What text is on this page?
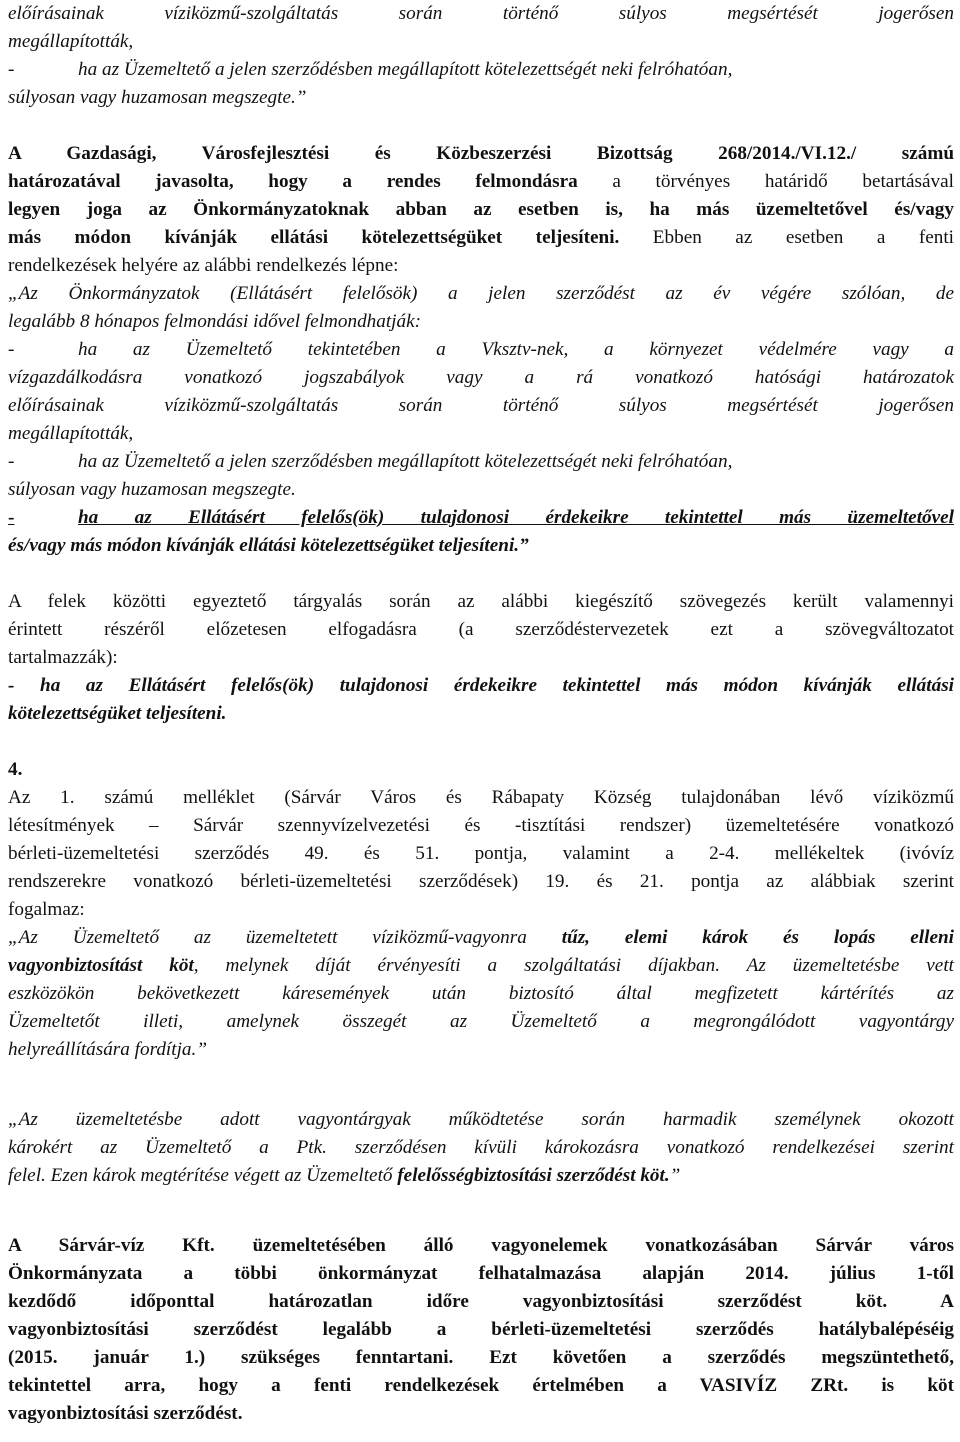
előírásainak víziközmű-szolgáltatás során történő súlyos megsértését jogerősen
megállapították,
-	ha az Üzemeltető a jelen szerződésben megállapított kötelezettségét neki felróhatóan,
súlyosan vagy huzamosan megszegte.”
A Gazdasági, Városfejlesztési és Közbeszerzési Bizottság 268/2014./VI.12./ számú
határozatával javasolta, hogy a rendes felmondásra a törvényes határidő betartásával
legyen joga az Önkormányzatoknak abban az esetben is, ha más üzemeltetővel és/vagy
más módon kívánják ellátási kötelezettségüket teljesíteni. Ebben az esetben a fenti
rendelkezések helyére az alábbi rendelkezés lépne:
„Az Önkormányzatok (Ellátásért felelősök) a jelen szerződést az év végére szólóan, de
legalább 8 hónapos felmondási idővel felmondhatják:
-	ha az Üzemeltető tekintetében a Vksztv-nek, a környezet védelmére vagy a
vízgazdálkodásra vonatkozó jogszabályok vagy a rá vonatkozó hatósági határozatok
előírásainak víziközmű-szolgáltatás során történő súlyos megsértését jogerősen
megállapították,
-	ha az Üzemeltető a jelen szerződésben megállapított kötelezettségét neki felróhatóan,
súlyosan vagy huzamosan megszegte.
-	ha az Ellátásért felelős(ök) tulajdonosi érdekeikre tekintettel más üzemeltetővel
és/vagy más módon kívánják ellátási kötelezettségüket teljesíteni.”
A felek közötti egyeztető tárgyalás során az alábbi kiegészítő szövegezés került valamennyi
érintett részéről előzetesen elfogadásra (a szerződéstervezetek ezt a szövegváltozatot
tartalmazzák):
- ha az Ellátásért felelős(ök) tulajdonosi érdekeikre tekintettel más módon kívánják ellátási
kötelezettségüket teljesíteni.
4.
Az 1. számú melléklet (Sárvár Város és Rábapaty Község tulajdonában lévő víziközmű
létesítmények – Sárvár szennyvízelvezetési és -tisztítási rendszer) üzemeltetésére vonatkozó
bérleti-üzemeltetési szerződés 49. és 51. pontja, valamint a 2-4. mellékeltek (ivóvíz
rendszerekre vonatkozó bérleti-üzemeltetési szerződések) 19. és 21. pontja az alábbiak szerint
fogalmaz:
„Az Üzemeltető az üzemeltetett víziközmű-vagyonra tűz, elemi károk és lopás elleni
vagyonbiztosítást köt, melynek díját érvényesíti a szolgáltatási díjakban. Az üzemeltetésbe vett
eszközökön bekövetkezett káresemények után biztosító által megfizetett kártérítés az
Üzemeltetőt illeti, amelynek összegét az Üzemeltető a megrongálódott vagyontárgy
helyreállítására fordítja.”
„Az üzemeltetésbe adott vagyontárgyak működtetése során harmadik személynek okozott
károkért az Üzemeltető a Ptk. szerződésen kívüli károkozásra vonatkozó rendelkezései szerint
felel. Ezen károk megtérítése végett az Üzemeltető felelősségbiztosítási szerződést köt.”
A Sárvár-víz Kft. üzemeltetésében álló vagyonelemek vonatkozásában Sárvár város
Önkormányzata a többi önkormányzat felhatalmazása alapján 2014. július 1-től
kezdődő időponttal határozatlan időre vagyonbiztosítási szerződést köt. A
vagyonbiztosítási szerződést legalább a bérleti-üzemeltetési szerződés hatálybalépéséig
(2015. január 1.) szükséges fenntartani. Ezt követően a szerződés megszüntethető,
tekintettel arra, hogy a fenti rendelkezések értelmében a VASIVÍZ ZRt. is köt
vagyonbiztosítási szerződést.
